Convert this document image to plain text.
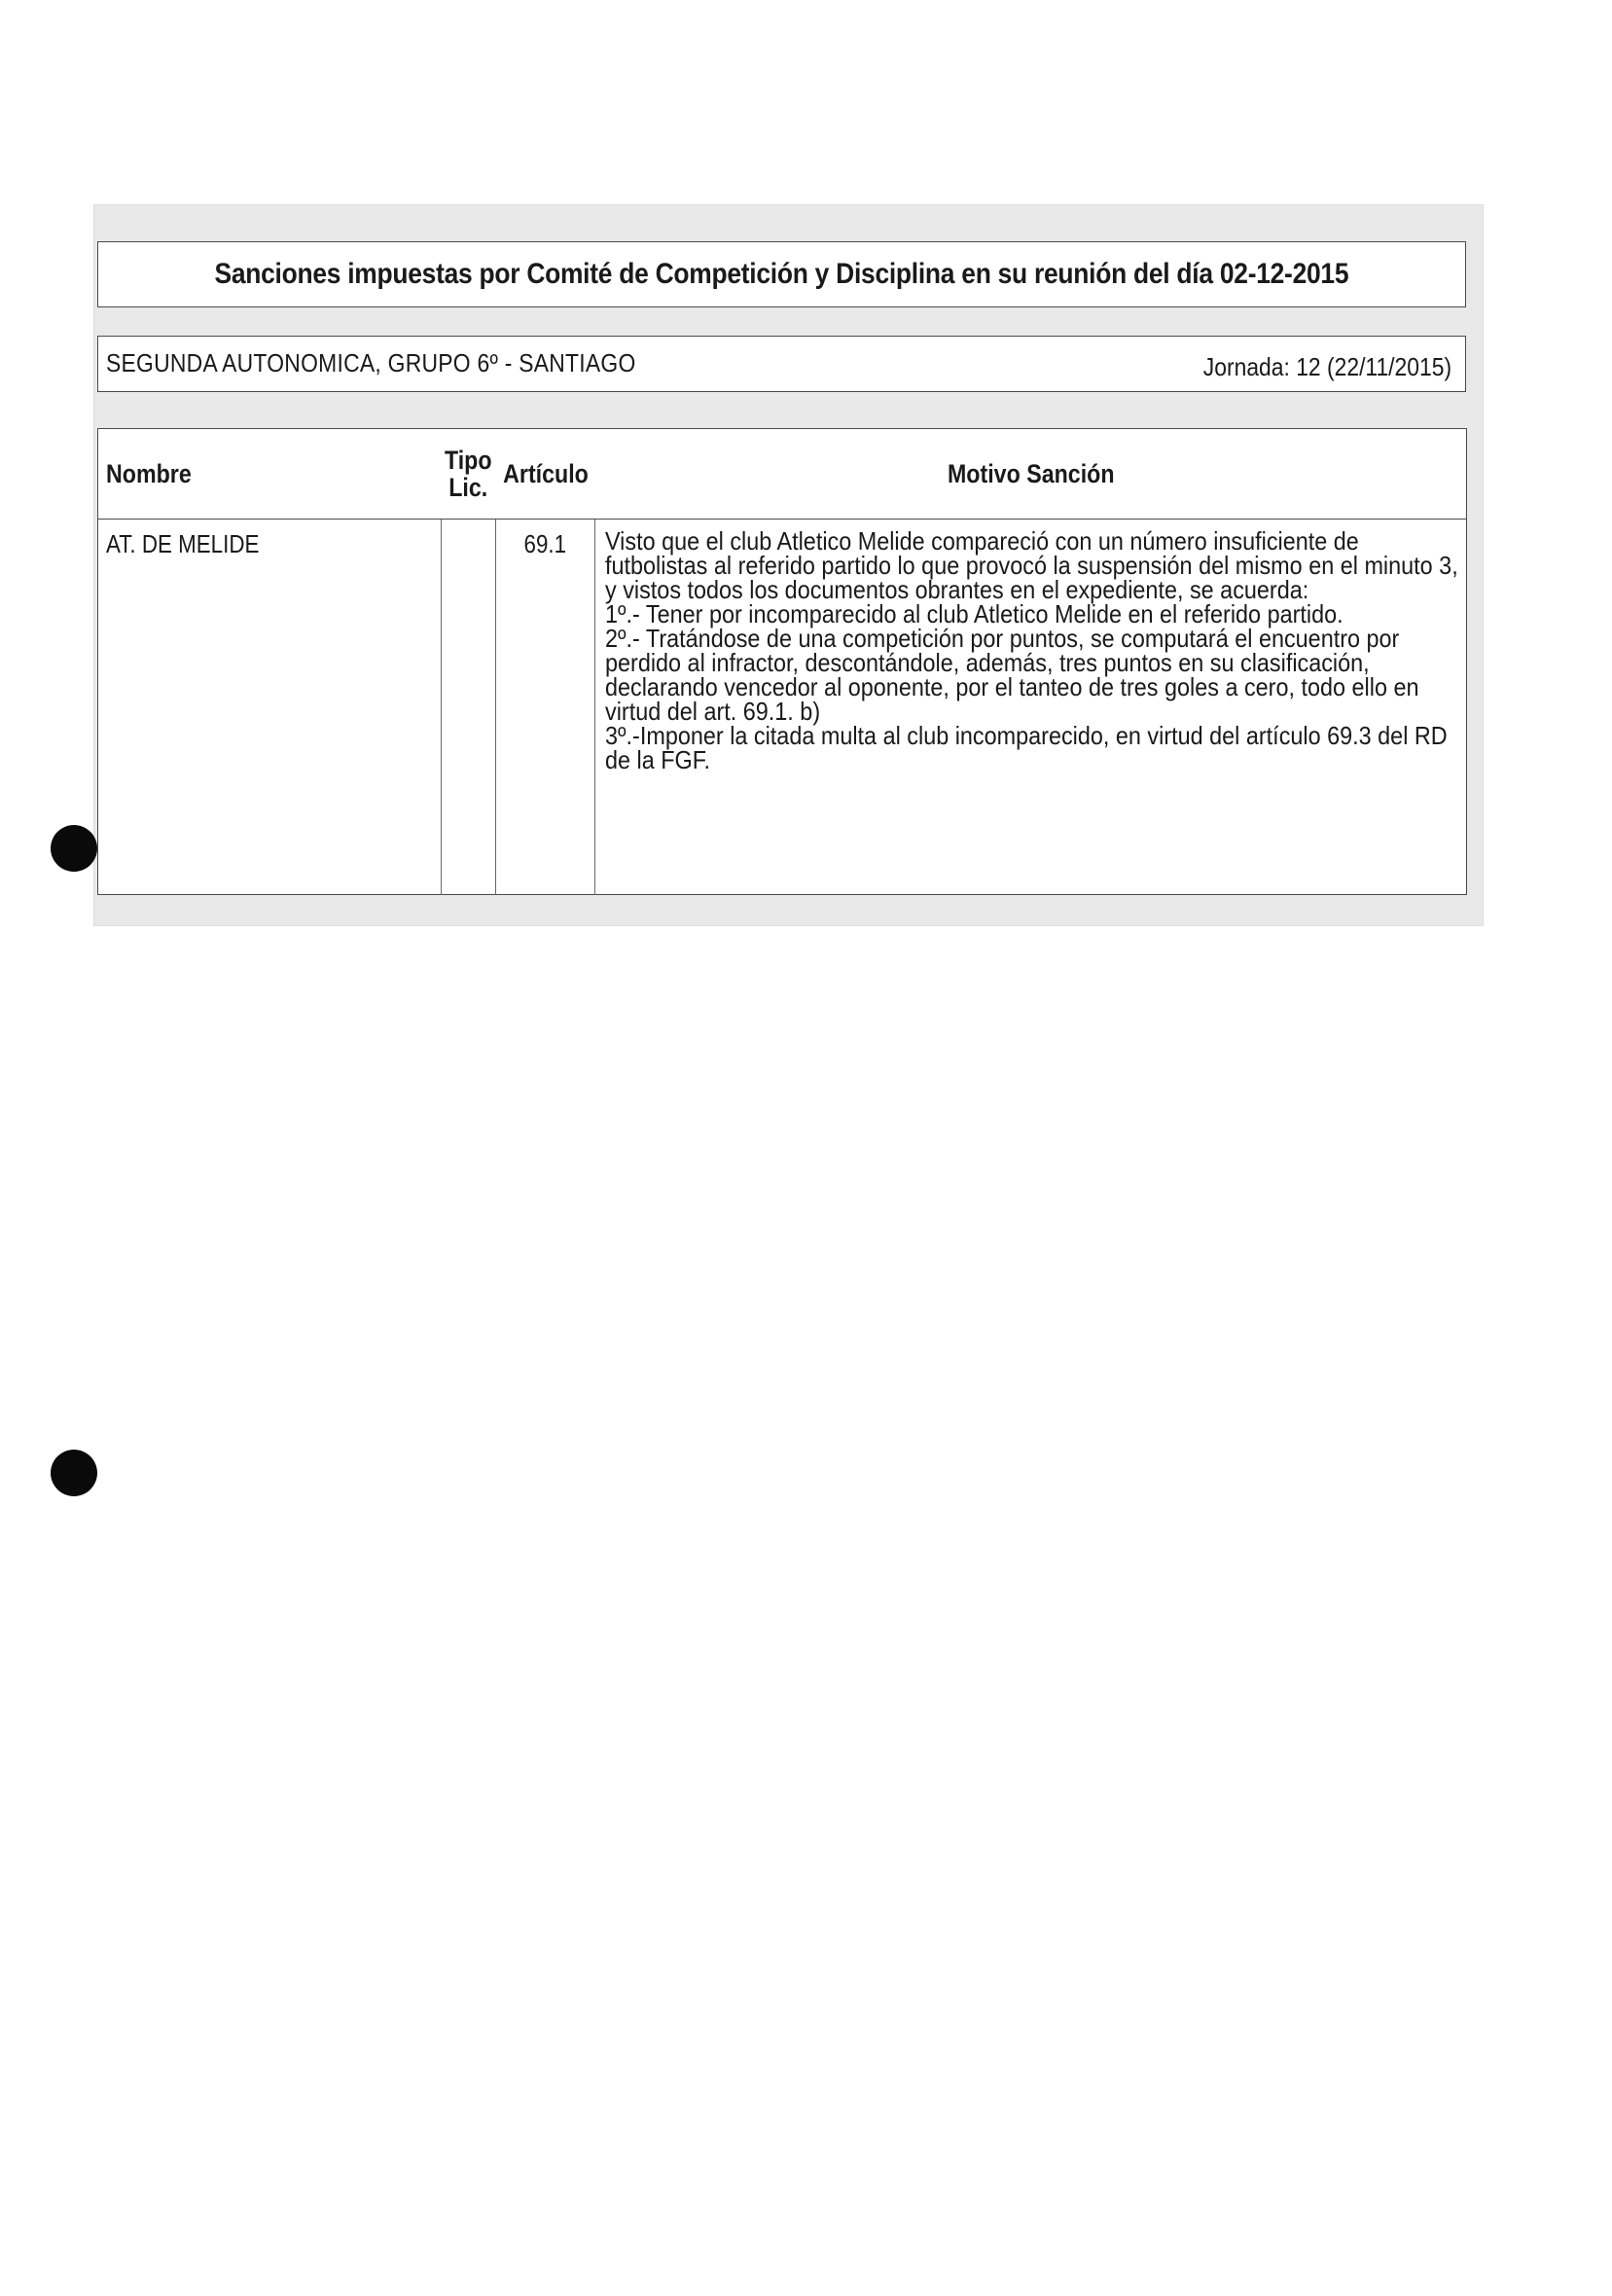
Sanciones impuestas por Comité de Competición y Disciplina en su reunión del día 02-12-2015
SEGUNDA AUTONOMICA, GRUPO 6º - SANTIAGO	Jornada: 12 (22/11/2015)
Nombre	Tipo Lic.	Artículo	Motivo Sanción
AT. DE MELIDE		69.1	Visto que el club Atletico Melide compareció con un número insuficiente de futbolistas al referido partido lo que provocó la suspensión del mismo en el minuto 3, y vistos todos los documentos obrantes en el expediente, se acuerda:

1º.- Tener por incomparecido al club Atletico Melide en el referido partido.

2º.- Tratándose de una competición por puntos, se computará el encuentro por perdido al infractor, descontándole, además, tres puntos en su clasificación, declarando vencedor al oponente, por el tanteo de tres goles a cero, todo ello en virtud del art. 69.1. b)

3º.-Imponer la citada multa al club incomparecido, en virtud del artículo 69.3 del RD de la FGF.
